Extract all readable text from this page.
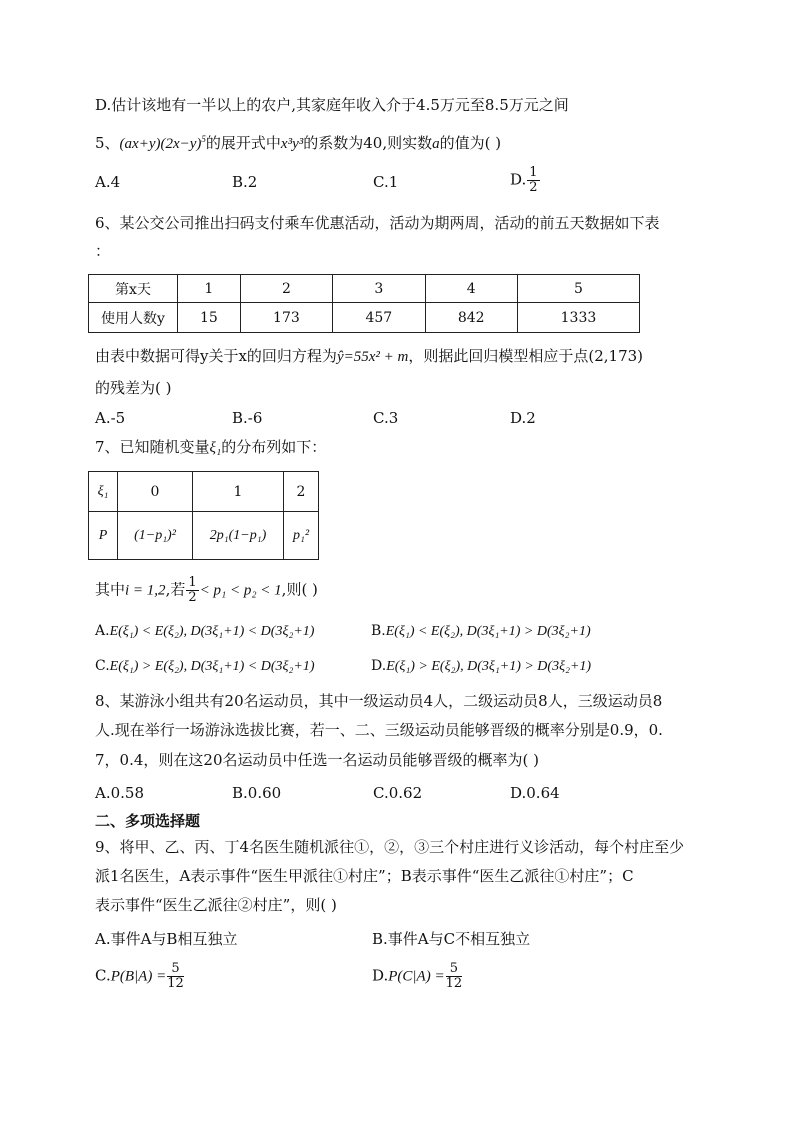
D.估计该地有一半以上的农户,其家庭年收入介于4.5万元至8.5万元之间
5、$(ax+y)(2x-y)^5$的展开式中x³y³的系数为40,则实数a的值为( )
A.4	B.2	C.1	D. $\frac{1}{2}$
6、某公交公司推出扫码支付乘车优惠活动，活动为期两周，活动的前五天数据如下表
：
第x天	1	2	3	4	5
使用人数y	15	173	457	842	1333
由表中数据可得y关于x的回归方程为ŷ=55x² + m，则据此回归模型相应于点(2,173)
的残差为( )
A.-5	B.-6	C.3	D.2
7、已知随机变量ξ₁的分布列如下：
ξ₁	0	1	2
P	(1−p₁)²	2p₁(1−p₁)	p₁²
其中i = 1,2,若 $\frac{1}{2} < p_1 < p_2 < 1$,则( )
A.E(ξ₁) < E(ξ₂), D(3ξ₁+1) < D(3ξ₂+1)	B.E(ξ₁) < E(ξ₂), D(3ξ₁+1) > D(3ξ₂+1)
C.E(ξ₁) > E(ξ₂), D(3ξ₁+1) < D(3ξ₂+1)	D.E(ξ₁) > E(ξ₂), D(3ξ₁+1) > D(3ξ₂+1)
8、某游泳小组共有20名运动员，其中一级运动员4人，二级运动员8人，三级运动员8
人.现在举行一场游泳选拔比赛，若一、二、三级运动员能够晋级的概率分别是0.9，0.
7，0.4，则在这20名运动员中任选一名运动员能够晋级的概率为( )
A.0.58	B.0.60	C.0.62	D.0.64
二、多项选择题
9、将甲、乙、丙、丁4名医生随机派往①，②，③三个村庄进行义诊活动，每个村庄至少
派1名医生，A表示事件“医生甲派往①村庄”；B表示事件“医生乙派往①村庄”；C
表示事件“医生乙派往②村庄”，则( )
A.事件A与B相互独立	B.事件A与C不相互独立
$C.P(B|A) = \frac{5}{12}$	$D.P(C|A) = \frac{5}{12}$
